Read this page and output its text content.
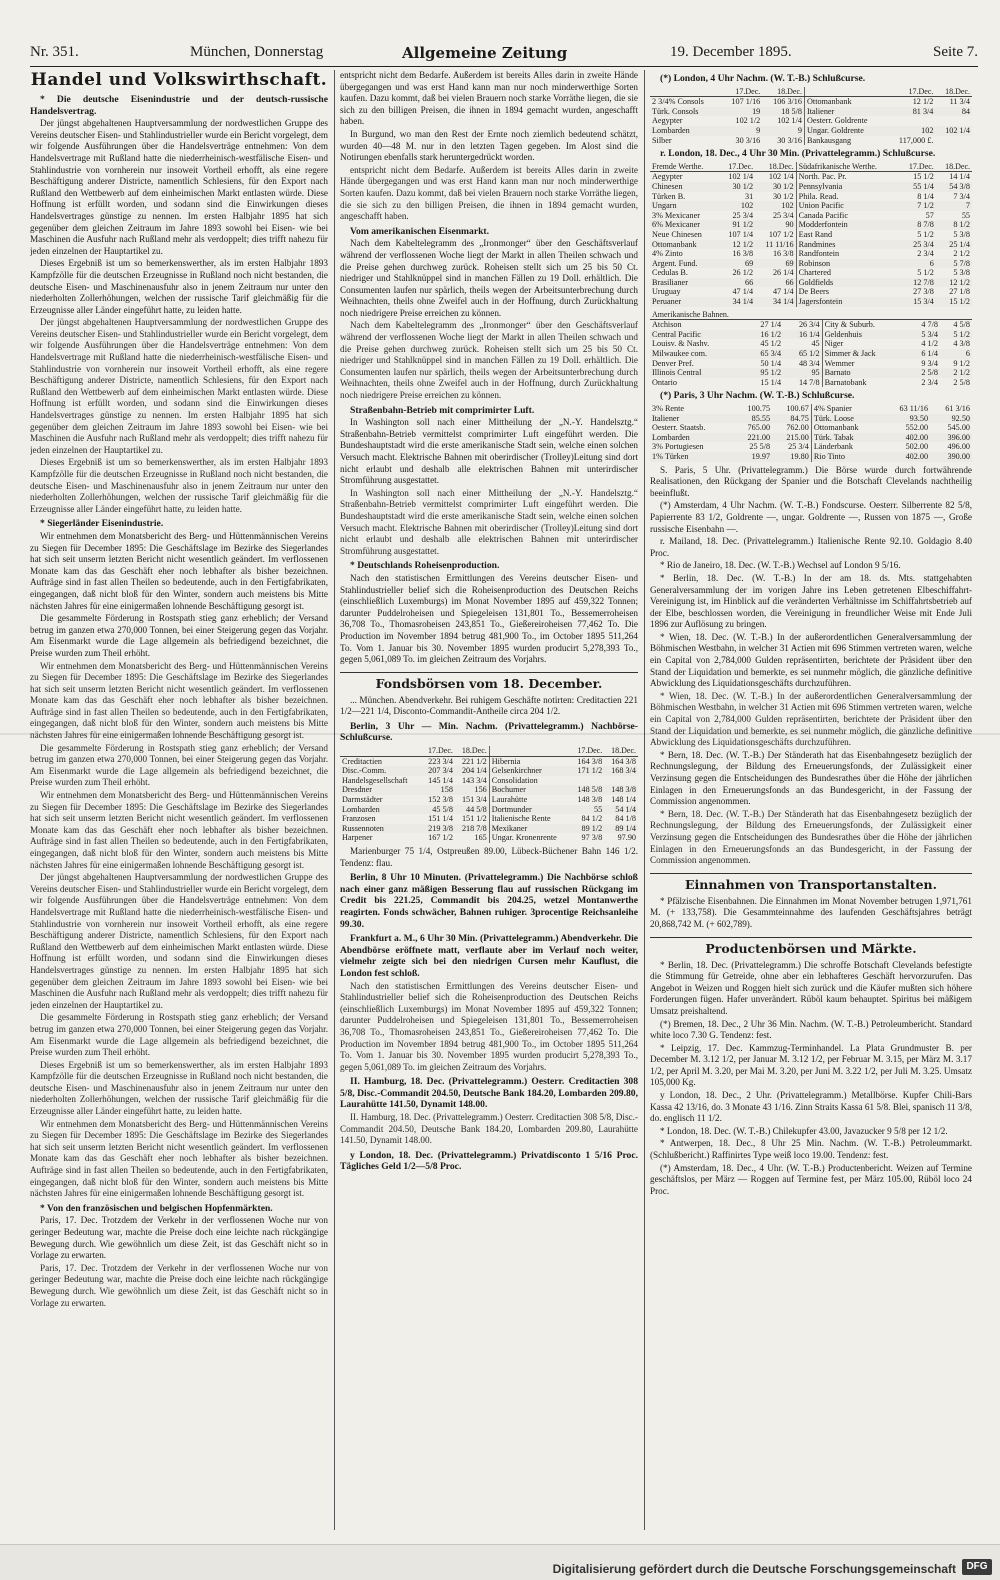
Nr. 351.	München, Donnerstag	Allgemeine Zeitung	19. December 1895.	Seite 7.
Handel und Volkswirthschaft.
* Die deutsche Eisenindustrie und der deutsch-russische Handelsvertrag.

Der jüngst abgehaltenen Hauptversammlung der nordwestlichen Gruppe des Vereins deutscher Eisen- und Stahlindustrieller wurde ein Bericht vorgelegt, dem wir folgende Ausführungen über die Handelsverträge entnehmen: Von dem Handelsvertrage mit Rußland hatte die niederrheinisch-westfälische Eisen- und Stahlindustrie von vornherein nur insoweit Vortheil erhofft, als eine regere Beschäftigung anderer Districte, namentlich Schlesiens, für den Export nach Rußland den Wettbewerb auf dem einheimischen Markt entlasten würde. Diese Hoffnung ist erfüllt worden, und sodann sind die Einwirkungen dieses Handelsvertrages günstige zu nennen. Im ersten Halbjahr 1895 hat sich gegenüber dem gleichen Zeitraum im Jahre 1893 sowohl bei Eisen- wie bei Maschinen die Ausfuhr nach Rußland mehr als verdoppelt; dies trifft nahezu für jeden einzelnen der Hauptartikel zu.

Dieses Ergebniß ist um so bemerkenswerther, als im ersten Halbjahr 1893 Kampfzölle für die deutschen Erzeugnisse in Rußland noch nicht bestanden, die deutsche Eisen- und Maschinenausfuhr also in jenem Zeitraum nur unter den niederholten Zollerhöhungen, welchen der russische Tarif gleichmäßig für die Erzeugnisse aller Länder eingeführt hatte, zu leiden hatte.

Der jüngst abgehaltenen Hauptversammlung der nordwestlichen Gruppe des Vereins deutscher Eisen- und Stahlindustrieller wurde ein Bericht vorgelegt, dem wir folgende Ausführungen über die Handelsverträge entnehmen: Von dem Handelsvertrage mit Rußland hatte die niederrheinisch-westfälische Eisen- und Stahlindustrie von vornherein nur insoweit Vortheil erhofft, als eine regere Beschäftigung anderer Districte, namentlich Schlesiens, für den Export nach Rußland den Wettbewerb auf dem einheimischen Markt entlasten würde. Diese Hoffnung ist erfüllt worden, und sodann sind die Einwirkungen dieses Handelsvertrages günstige zu nennen. Im ersten Halbjahr 1895 hat sich gegenüber dem gleichen Zeitraum im Jahre 1893 sowohl bei Eisen- wie bei Maschinen die Ausfuhr nach Rußland mehr als verdoppelt; dies trifft nahezu für jeden einzelnen der Hauptartikel zu.
Dieses Ergebniß ist um so bemerkenswerther, als im ersten Halbjahr 1893 Kampfzölle für die deutschen Erzeugnisse in Rußland noch nicht bestanden, die deutsche Eisen- und Maschinenausfuhr also in jenem Zeitraum nur unter den niederholten Zollerhöhungen, welchen der russische Tarif gleichmäßig für die Erzeugnisse aller Länder eingeführt hatte, zu leiden hatte.
* Siegerländer Eisenindustrie.

Wir entnehmen dem Monatsbericht des Berg- und Hüttenmännischen Vereins zu Siegen für December 1895: Die Geschäftslage im Bezirke des Siegerlandes hat sich seit unserm letzten Bericht nicht wesentlich geändert. Im verflossenen Monate kam das das Geschäft eher noch lebhafter als bisher bezeichnen. Aufträge sind in fast allen Theilen so bedeutende, auch in den Fertigfabrikaten, eingegangen, daß nicht bloß für den Winter, sondern auch meistens bis Mitte nächsten Jahres für eine einigermaßen lohnende Beschäftigung gesorgt ist.

Die gesammelte Förderung in Rostspath stieg ganz erheblich; der Versand betrug im ganzen etwa 270,000 Tonnen, bei einer Steigerung gegen das Vorjahr. Am Eisenmarkt wurde die Lage allgemein als befriedigend bezeichnet, die Preise wurden zum Theil erhöht.

Wir entnehmen dem Monatsbericht des Berg- und Hüttenmännischen Vereins zu Siegen für December 1895: Die Geschäftslage im Bezirke des Siegerlandes hat sich seit unserm letzten Bericht nicht wesentlich geändert. Im verflossenen Monate kam das das Geschäft eher noch lebhafter als bisher bezeichnen. Aufträge sind in fast allen Theilen so bedeutende, auch in den Fertigfabrikaten, eingegangen, daß nicht bloß für den Winter, sondern auch meistens bis Mitte nächsten Jahres für eine einigermaßen lohnende Beschäftigung gesorgt ist.
Die gesammelte Förderung in Rostspath stieg ganz erheblich; der Versand betrug im ganzen etwa 270,000 Tonnen, bei einer Steigerung gegen das Vorjahr. Am Eisenmarkt wurde die Lage allgemein als befriedigend bezeichnet, die Preise wurden zum Theil erhöht.
Wir entnehmen dem Monatsbericht des Berg- und Hüttenmännischen Vereins zu Siegen für December 1895: Die Geschäftslage im Bezirke des Siegerlandes hat sich seit unserm letzten Bericht nicht wesentlich geändert. Im verflossenen Monate kam das das Geschäft eher noch lebhafter als bisher bezeichnen. Aufträge sind in fast allen Theilen so bedeutende, auch in den Fertigfabrikaten, eingegangen, daß nicht bloß für den Winter, sondern auch meistens bis Mitte nächsten Jahres für eine einigermaßen lohnende Beschäftigung gesorgt ist.
Der jüngst abgehaltenen Hauptversammlung der nordwestlichen Gruppe des Vereins deutscher Eisen- und Stahlindustrieller wurde ein Bericht vorgelegt, dem wir folgende Ausführungen über die Handelsverträge entnehmen: Von dem Handelsvertrage mit Rußland hatte die niederrheinisch-westfälische Eisen- und Stahlindustrie von vornherein nur insoweit Vortheil erhofft, als eine regere Beschäftigung anderer Districte, namentlich Schlesiens, für den Export nach Rußland den Wettbewerb auf dem einheimischen Markt entlasten würde. Diese Hoffnung ist erfüllt worden, und sodann sind die Einwirkungen dieses Handelsvertrages günstige zu nennen. Im ersten Halbjahr 1895 hat sich gegenüber dem gleichen Zeitraum im Jahre 1893 sowohl bei Eisen- wie bei Maschinen die Ausfuhr nach Rußland mehr als verdoppelt; dies trifft nahezu für jeden einzelnen der Hauptartikel zu.
Die gesammelte Förderung in Rostspath stieg ganz erheblich; der Versand betrug im ganzen etwa 270,000 Tonnen, bei einer Steigerung gegen das Vorjahr. Am Eisenmarkt wurde die Lage allgemein als befriedigend bezeichnet, die Preise wurden zum Theil erhöht.
Dieses Ergebniß ist um so bemerkenswerther, als im ersten Halbjahr 1893 Kampfzölle für die deutschen Erzeugnisse in Rußland noch nicht bestanden, die deutsche Eisen- und Maschinenausfuhr also in jenem Zeitraum nur unter den niederholten Zollerhöhungen, welchen der russische Tarif gleichmäßig für die Erzeugnisse aller Länder eingeführt hatte, zu leiden hatte.
Wir entnehmen dem Monatsbericht des Berg- und Hüttenmännischen Vereins zu Siegen für December 1895: Die Geschäftslage im Bezirke des Siegerlandes hat sich seit unserm letzten Bericht nicht wesentlich geändert. Im verflossenen Monate kam das das Geschäft eher noch lebhafter als bisher bezeichnen. Aufträge sind in fast allen Theilen so bedeutende, auch in den Fertigfabrikaten, eingegangen, daß nicht bloß für den Winter, sondern auch meistens bis Mitte nächsten Jahres für eine einigermaßen lohnende Beschäftigung gesorgt ist.
* Von den französischen und belgischen Hopfenmärkten.

Paris, 17. Dec. Trotzdem der Verkehr in der verflossenen Woche nur von geringer Bedeutung war, machte die Preise doch eine leichte nach rückgängige Bewegung durch. Wie gewöhnlich um diese Zeit, ist das Geschäft nicht so in Vorlage zu erwarten.

Paris, 17. Dec. Trotzdem der Verkehr in der verflossenen Woche nur von geringer Bedeutung war, machte die Preise doch eine leichte nach rückgängige Bewegung durch. Wie gewöhnlich um diese Zeit, ist das Geschäft nicht so in Vorlage zu erwarten.

entspricht nicht dem Bedarfe. Außerdem ist bereits Alles darin in zweite Hände übergegangen und was erst Hand kann man nur noch minderwerthige Sorten kaufen. Dazu kommt, daß bei vielen Brauern noch starke Vorräthe liegen, die sie sich zu den billigen Preisen, die ihnen in 1894 gemacht wurden, angeschafft haben.

In Burgund, wo man den Rest der Ernte noch ziemlich bedeutend schätzt, wurden 40—48 M. nur in den letzten Tagen gegeben. Im Alost sind die Notirungen ebenfalls stark heruntergedrückt worden.

entspricht nicht dem Bedarfe. Außerdem ist bereits Alles darin in zweite Hände übergegangen und was erst Hand kann man nur noch minderwerthige Sorten kaufen. Dazu kommt, daß bei vielen Brauern noch starke Vorräthe liegen, die sie sich zu den billigen Preisen, die ihnen in 1894 gemacht wurden, angeschafft haben.
Vom amerikanischen Eisenmarkt.

Nach dem Kabeltelegramm des „Ironmonger“ über den Geschäftsverlauf während der verflossenen Woche liegt der Markt in allen Theilen schwach und die Preise gehen durchweg zurück. Roheisen stellt sich um 25 bis 50 Ct. niedriger und Stahlknüppel sind in manchen Fällen zu 19 Doll. erhältlich. Die Consumenten laufen nur spärlich, theils wegen der Arbeitsunterbrechung durch Weihnachten, theils ohne Zweifel auch in der Hoffnung, durch Zurückhaltung noch niedrigere Preise erreichen zu können.

Nach dem Kabeltelegramm des „Ironmonger“ über den Geschäftsverlauf während der verflossenen Woche liegt der Markt in allen Theilen schwach und die Preise gehen durchweg zurück. Roheisen stellt sich um 25 bis 50 Ct. niedriger und Stahlknüppel sind in manchen Fällen zu 19 Doll. erhältlich. Die Consumenten laufen nur spärlich, theils wegen der Arbeitsunterbrechung durch Weihnachten, theils ohne Zweifel auch in der Hoffnung, durch Zurückhaltung noch niedrigere Preise erreichen zu können.
Straßenbahn-Betrieb mit comprimirter Luft.

In Washington soll nach einer Mittheilung der „N.-Y. Handelsztg.“ Straßenbahn-Betrieb vermittelst comprimirter Luft eingeführt werden. Die Bundeshauptstadt wird die erste amerikanische Stadt sein, welche einen solchen Versuch macht. Elektrische Bahnen mit oberirdischer (Trolley)Leitung sind dort nicht erlaubt und deshalb alle elektrischen Bahnen mit unterirdischer Stromführung ausgestattet.

In Washington soll nach einer Mittheilung der „N.-Y. Handelsztg.“ Straßenbahn-Betrieb vermittelst comprimirter Luft eingeführt werden. Die Bundeshauptstadt wird die erste amerikanische Stadt sein, welche einen solchen Versuch macht. Elektrische Bahnen mit oberirdischer (Trolley)Leitung sind dort nicht erlaubt und deshalb alle elektrischen Bahnen mit unterirdischer Stromführung ausgestattet.
* Deutschlands Roheisenproduction.

Nach den statistischen Ermittlungen des Vereins deutscher Eisen- und Stahlindustrieller belief sich die Roheisenproduction des Deutschen Reichs (einschließlich Luxemburgs) im Monat November 1895 auf 459,322 Tonnen; darunter Puddelroheisen und Spiegeleisen 131,801 To., Bessemerroheisen 36,708 To., Thomasroheisen 243,851 To., Gießereiroheisen 77,462 To. Die Production im November 1894 betrug 481,900 To., im October 1895 511,264 To. Vom 1. Januar bis 30. November 1895 wurden producirt 5,278,393 To., gegen 5,061,089 To. im gleichen Zeitraum des Vorjahrs.

Fondsbörsen vom 18. December.

... München. Abendverkehr. Bei ruhigem Geschäfte notirten: Creditactien 221 1/2—221 1/4, Disconto-Commandit-Antheile circa 204 1/2.

Berlin, 3 Uhr — Min. Nachm. (Privattelegramm.) Nachbörse-Schlußcurse.
	17.Dec.	18.Dec.		17.Dec.	18.Dec.
Creditactien	223 3/4	221 1/2	Hibernia	164 3/8	164 3/8
Disc.-Comm.	207 3/4	204 1/4	Gelsenkirchner	171 1/2	168 3/4
Handelsgesellschaft	145 1/4	143 3/4	Consolidation		
Dresdner	158	156	Bochumer	148 5/8	148 3/8
Darmstädter	152 3/8	151 3/4	Laurahütte	148 3/8	148 1/4
Lombarden	45 5/8	44 5/8	Dortmunder	55	54 1/4
Franzosen	151 1/4	151 1/2	Italienische Rente	84 1/2	84 1/8
Russennoten	219 3/8	218 7/8	Mexikaner	89 1/2	89 1/4
Harpener	167 1/2	165	Ungar. Kronenrente	97 3/8	97.90

Marienburger 75 1/4, Ostpreußen 89.00, Lübeck-Büchener Bahn 146 1/2. Tendenz: flau.

Berlin, 8 Uhr 10 Minuten. (Privattelegramm.) Die Nachbörse schloß nach einer ganz mäßigen Besserung flau auf russischen Rückgang im Credit bis 221.25, Commandit bis 204.25, wetzel Montanwerthe reagirten. Fonds schwächer, Bahnen ruhiger. 3procentige Reichsanleihe 99.30.
Frankfurt a. M., 6 Uhr 30 Min. (Privattelegramm.) Abendverkehr. Die Abendbörse eröffnete matt, verflaute aber im Verlauf noch weiter, vielmehr zeigte sich bei den niedrigen Cursen mehr Kauflust, die London fest schloß.
Nach den statistischen Ermittlungen des Vereins deutscher Eisen- und Stahlindustrieller belief sich die Roheisenproduction des Deutschen Reichs (einschließlich Luxemburgs) im Monat November 1895 auf 459,322 Tonnen; darunter Puddelroheisen und Spiegeleisen 131,801 To., Bessemerroheisen 36,708 To., Thomasroheisen 243,851 To., Gießereiroheisen 77,462 To. Die Production im November 1894 betrug 481,900 To., im October 1895 511,264 To. Vom 1. Januar bis 30. November 1895 wurden producirt 5,278,393 To., gegen 5,061,089 To. im gleichen Zeitraum des Vorjahrs.
II. Hamburg, 18. Dec. (Privattelegramm.) Oesterr. Creditactien 308 5/8, Disc.-Commandit 204.50, Deutsche Bank 184.20, Lombarden 209.80, Laurahütte 141.50, Dynamit 148.00.
II. Hamburg, 18. Dec. (Privattelegramm.) Oesterr. Creditactien 308 5/8, Disc.-Commandit 204.50, Deutsche Bank 184.20, Lombarden 209.80, Laurahütte 141.50, Dynamit 148.00.
y London, 18. Dec. (Privattelegramm.) Privatdisconto 1 5/16 Proc. Tägliches Geld 1/2—5/8 Proc.
(*) London, 4 Uhr Nachm. (W. T.-B.) Schlußcurse.
	17.Dec.	18.Dec.		17.Dec.	18.Dec.
2 3/4% Consols	107 1/16	106 3/16	Ottomanbank	12 1/2	11 3/4
Türk. Consols	19	18 5/8	Italiener	81 3/4	84
Aegypter	102 1/2	102 1/4	Oesterr. Goldrente		
Lombarden	9	9	Ungar. Goldrente	102	102 1/4
Silber	30 3/16	30 3/16	Bankausgang	117,000 £.	
r. London, 18. Dec., 4 Uhr 30 Min. (Privattelegramm.) Schlußcurse.
Fremde Werthe.	17.Dec.	18.Dec.	Südafrikanische Werthe.	17.Dec.	18.Dec.
Aegypter	102 1/4	102 1/4	North. Pac. Pr.	15 1/2	14 1/4
Chinesen	30 1/2	30 1/2	Pennsylvania	55 1/4	54 3/8
Türken B.	31	30 1/2	Phila. Read.	8 1/4	7 3/4
Ungarn	102	102	Union Pacific	7 1/2	7
3% Mexicaner	25 3/4	25 3/4	Canada Pacific	57	55
6% Mexicaner	91 1/2	90	Modderfontein	8 7/8	8 1/2
Neue Chinesen	107 1/4	107 1/2	East Rand	5 1/2	5 3/8
Ottomanbank	12 1/2	11 11/16	Randmines	25 3/4	25 1/4
4% Zinto	16 3/8	16 3/8	Randfontein	2 3/4	2 1/2
Argent. Fund.	69	69	Robinson	6	5 7/8
Cedulas B.	26 1/2	26 1/4	Chartered	5 1/2	5 3/8
Brasilianer	66	66	Goldfields	12 7/8	12 1/2
Uruguay	47 1/4	47 1/4	De Beers	27 3/8	27 1/8
Peruaner	34 1/4	34 1/4	Jagersfontein	15 3/4	15 1/2
Amerikanische Bahnen.					
Atchison	27 1/4	26 3/4	City & Suburb.	4 7/8	4 5/8
Central Pacific	16 1/2	16 1/4	Geldenhuis	5 3/4	5 1/2
Louisv. & Nashv.	45 1/2	45	Niger	4 1/2	4 3/8
Milwaukee com.	65 3/4	65 1/2	Simmer & Jack	6 1/4	6
Denver Pref.	50 1/4	48 3/4	Wemmer	9 3/4	9 1/2
Illinois Central	95 1/2	95	Barnato	2 5/8	2 1/2
Ontario	15 1/4	14 7/8	Barnatobank	2 3/4	2 5/8
(*) Paris, 3 Uhr Nachm. (W. T.-B.) Schlußcurse.
3% Rente	100.75	100.67	4% Spanier	63 11/16	61 3/16
Italiener	85.55	84.75	Türk. Loose	93.50	92.50
Oesterr. Staatsb.	765.00	762.00	Ottomanbank	552.00	545.00
Lombarden	221.00	215.00	Türk. Tabak	402.00	396.00
3% Portugiesen	25 5/8	25 3/4	Länderbank	502.00	496.00
1% Türken	19.97	19.80	Rio Tinto	402.00	390.00

S. Paris, 5 Uhr. (Privattelegramm.) Die Börse wurde durch fortwährende Realisationen, den Rückgang der Spanier und die Botschaft Clevelands nachtheilig beeinflußt.

(*) Amsterdam, 4 Uhr Nachm. (W. T.-B.) Fondscurse. Oesterr. Silberrente 82 5/8, Papierrente 83 1/2, Goldrente —, ungar. Goldrente —, Russen von 1875 —, Große russische Eisenbahn —.

r. Mailand, 18. Dec. (Privattelegramm.) Italienische Rente 92.10. Goldagio 8.40 Proc.

* Rio de Janeiro, 18. Dec. (W. T.-B.) Wechsel auf London 9 5/16.

* Berlin, 18. Dec. (W. T.-B.) In der am 18. ds. Mts. stattgehabten Generalversammlung der im vorigen Jahre ins Leben getretenen Elbeschiffahrt-Vereinigung ist, im Hinblick auf die veränderten Verhältnisse im Schiffahrtsbetrieb auf der Elbe, beschlossen worden, die Vereinigung in freundlicher Weise mit Ende Juli 1896 zur Auflösung zu bringen.

* Wien, 18. Dec. (W. T.-B.) In der außerordentlichen Generalversammlung der Böhmischen Westbahn, in welcher 31 Actien mit 696 Stimmen vertreten waren, welche ein Capital von 2,784,000 Gulden repräsentirten, berichtete der Präsident über den Stand der Liquidation und bemerkte, es sei nunmehr möglich, die gänzliche definitive Abwicklung des Liquidationsgeschäfts durchzuführen.

* Wien, 18. Dec. (W. T.-B.) In der außerordentlichen Generalversammlung der Böhmischen Westbahn, in welcher 31 Actien mit 696 Stimmen vertreten waren, welche ein Capital von 2,784,000 Gulden repräsentirten, berichtete der Präsident über den Stand der Liquidation und bemerkte, es sei nunmehr möglich, die gänzliche definitive Abwicklung des Liquidationsgeschäfts durchzuführen.

* Bern, 18. Dec. (W. T.-B.) Der Ständerath hat das Eisenbahngesetz bezüglich der Rechnungslegung, der Bildung des Erneuerungsfonds, der Zulässigkeit einer Verzinsung gegen die Entscheidungen des Bundesrathes über die Höhe der jährlichen Einlagen in den Erneuerungsfonds an das Bundesgericht, in der Fassung der Commission angenommen.

* Bern, 18. Dec. (W. T.-B.) Der Ständerath hat das Eisenbahngesetz bezüglich der Rechnungslegung, der Bildung des Erneuerungsfonds, der Zulässigkeit einer Verzinsung gegen die Entscheidungen des Bundesrathes über die Höhe der jährlichen Einlagen in den Erneuerungsfonds an das Bundesgericht, in der Fassung der Commission angenommen.
Einnahmen von Transportanstalten.

* Pfälzische Eisenbahnen. Die Einnahmen im Monat November betrugen 1,971,761 M. (+ 133,758). Die Gesammteinnahme des laufenden Geschäftsjahres beträgt 20,868,742 M. (+ 602,789).

Productenbörsen und Märkte.

* Berlin, 18. Dec. (Privattelegramm.) Die schroffe Botschaft Clevelands befestigte die Stimmung für Getreide, ohne aber ein lebhafteres Geschäft hervorzurufen. Das Angebot in Weizen und Roggen hielt sich zurück und die Käufer mußten sich höhere Forderungen fügen. Hafer unverändert. Rüböl kaum behauptet. Spiritus bei mäßigem Umsatz preishaltend.

(*) Bremen, 18. Dec., 2 Uhr 36 Min. Nachm. (W. T.-B.) Petroleumbericht. Standard white loco 7.30 G. Tendenz: fest.

* Leipzig, 17. Dec. Kammzug-Terminhandel. La Plata Grundmuster B. per December M. 3.12 1/2, per Januar M. 3.12 1/2, per Februar M. 3.15, per März M. 3.17 1/2, per April M. 3.20, per Mai M. 3.20, per Juni M. 3.22 1/2, per Juli M. 3.25. Umsatz 105,000 Kg.

y London, 18. Dec., 2 Uhr. (Privattelegramm.) Metallbörse. Kupfer Chili-Bars Kassa 42 13/16, do. 3 Monate 43 1/16. Zinn Straits Kassa 61 5/8. Blei, spanisch 11 3/8, do. englisch 11 1/2.

* London, 18. Dec. (W. T.-B.) Chilekupfer 43.00, Javazucker 9 5/8 per 12 1/2.

* Antwerpen, 18. Dec., 8 Uhr 25 Min. Nachm. (W. T.-B.) Petroleummarkt. (Schlußbericht.) Raffinirtes Type weiß loco 19.00. Tendenz: fest.

(*) Amsterdam, 18. Dec., 4 Uhr. (W. T.-B.) Productenbericht. Weizen auf Termine geschäftslos, per März — Roggen auf Termine fest, per März 105.00, Rüböl loco 24 Proc.

Digitalisierung gefördert durch die Deutsche Forschungsgemeinschaft	DFG
